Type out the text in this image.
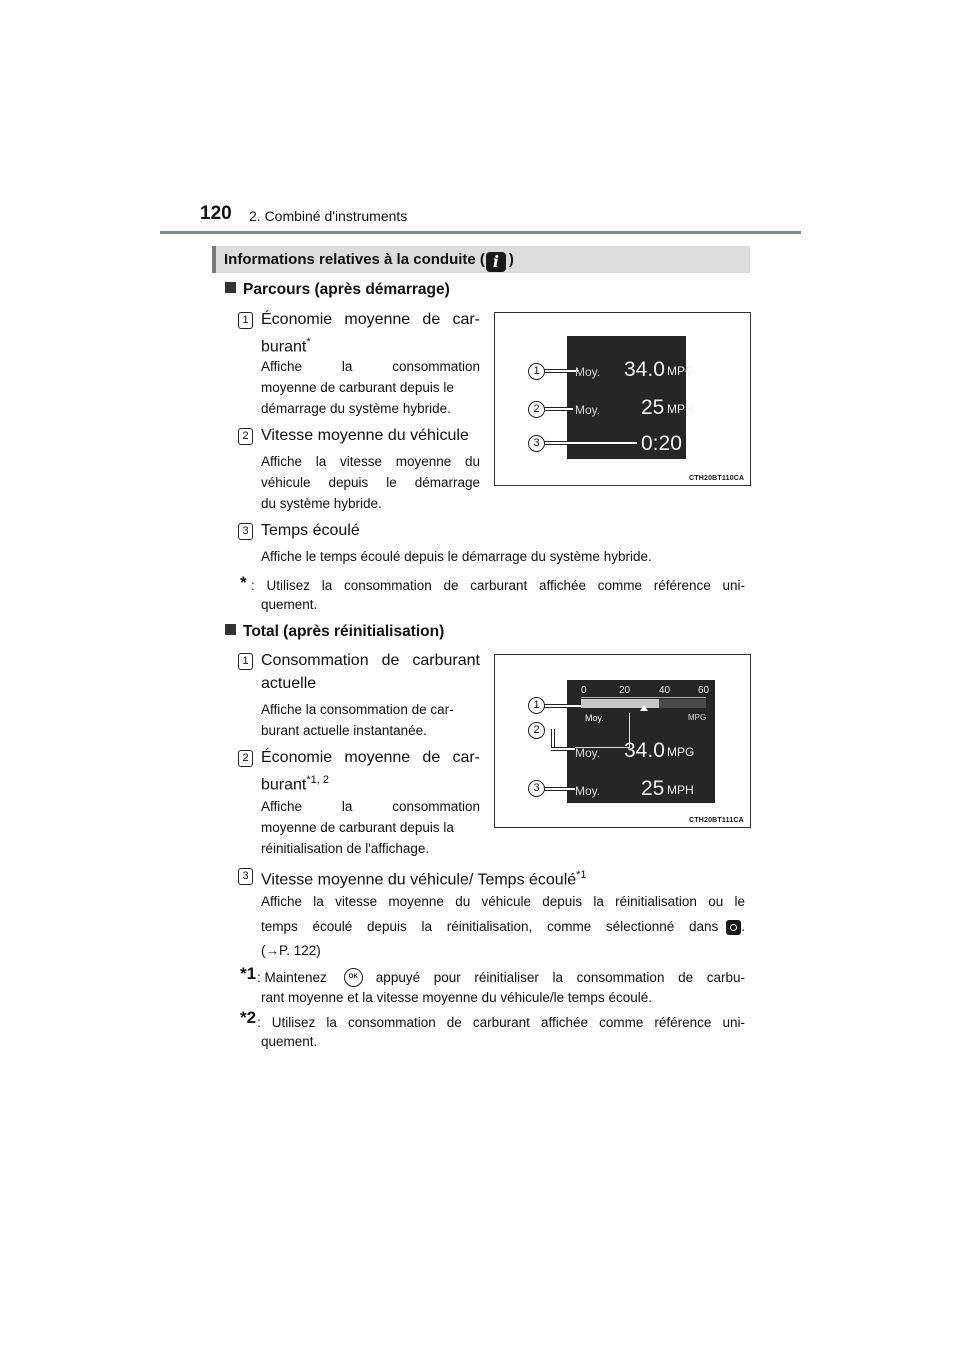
120 2. Combiné d'instruments
Informations relatives à la conduite ( i )
Parcours (après démarrage)
1 Économie moyenne de car-
burant*
Affiche la consommation
moyenne de carburant depuis le
démarrage du système hybride.
2 Vitesse moyenne du véhicule
Affiche la vitesse moyenne du
véhicule depuis le démarrage
du système hybride.
3 Temps écoulé
Affiche le temps écoulé depuis le démarrage du système hybride.
* : Utilisez la consommation de carburant affichée comme référence uni-
quement.
1
2
3
Moy. 34.0 MPG
Moy. 25 MPH
0:20
CTH20BT110CA
Total (après réinitialisation)
1 Consommation de carburant
actuelle
Affiche la consommation de car-
burant actuelle instantanée.
2 Économie moyenne de car-
burant$^{*1, 2}$
Affiche la consommation
moyenne de carburant depuis la
réinitialisation de l'affichage.
3 Vitesse moyenne du véhicule/ Temps écoulé$^{*1}$
Affiche la vitesse moyenne du véhicule depuis la réinitialisation ou le
temps écoulé depuis la réinitialisation, comme sélectionné dans .
(→P. 122)
*1 : Maintenez	OK	appuyé pour réinitialiser la consommation de carbu-
rant moyenne et la vitesse moyenne du véhicule/le temps écoulé.
*2 : Utilisez la consommation de carburant affichée comme référence uni-
quement.
0	20	40	60
Moy.	MPG
1
2
3
Moy. 34.0 MPG
Moy. 25 MPH
CTH20BT111CA
